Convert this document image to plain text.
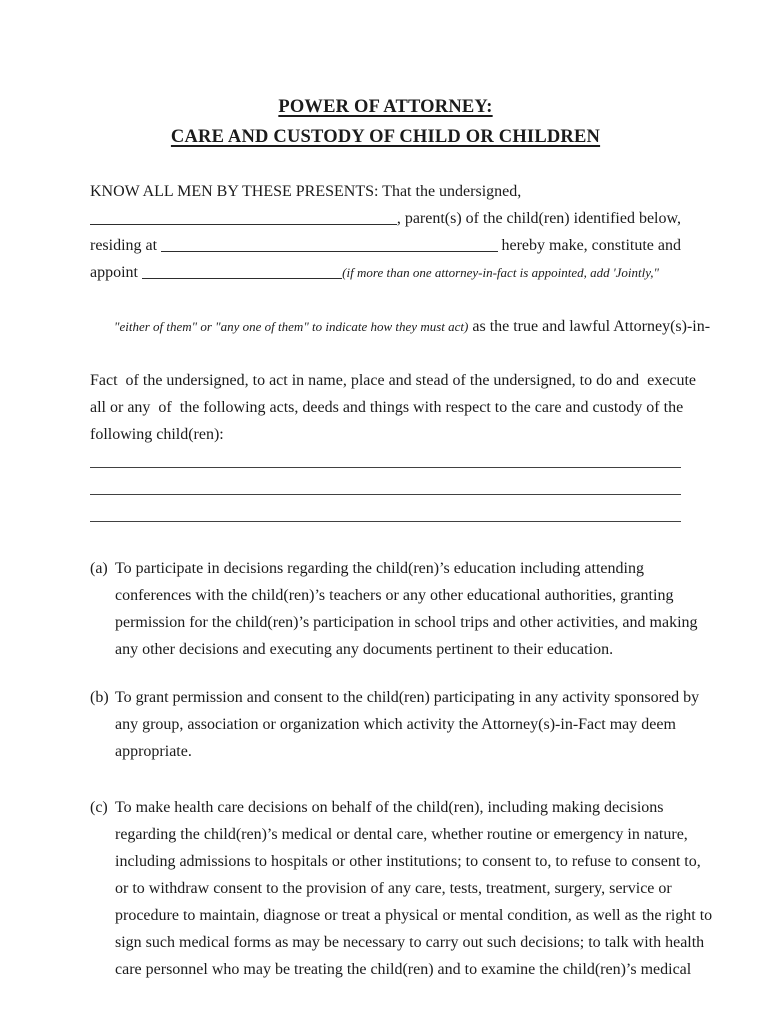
POWER OF ATTORNEY:
CARE AND CUSTODY OF CHILD OR CHILDREN
KNOW ALL MEN BY THESE PRESENTS: That the undersigned,
, parent(s) of the child(ren) identified below,
residing at	hereby make, constitute and
appoint	(if more than one attorney-in-fact is appointed, add 'Jointly,"

"either of them" or "any one of them" to indicate how they must act) as the true and lawful Attorney(s)-in-

Fact  of the undersigned, to act in name, place and stead of the undersigned, to do and  execute
all or any  of  the following acts, deeds and things with respect to the care and custody of the
following child(ren):
(a) To participate in decisions regarding the child(ren)’s education including attending
conferences with the child(ren)’s teachers or any other educational authorities, granting
permission for the child(ren)’s participation in school trips and other activities, and making
any other decisions and executing any documents pertinent to their education.
(b) To grant permission and consent to the child(ren) participating in any activity sponsored by
any group, association or organization which activity the Attorney(s)-in-Fact may deem
appropriate.
(c) To make health care decisions on behalf of the child(ren), including making decisions
regarding the child(ren)’s medical or dental care, whether routine or emergency in nature,
including admissions to hospitals or other institutions; to consent to, to refuse to consent to,
or to withdraw consent to the provision of any care, tests, treatment, surgery, service or
procedure to maintain, diagnose or treat a physical or mental condition, as well as the right to
sign such medical forms as may be necessary to carry out such decisions; to talk with health
care personnel who may be treating the child(ren) and to examine the child(ren)’s medical
